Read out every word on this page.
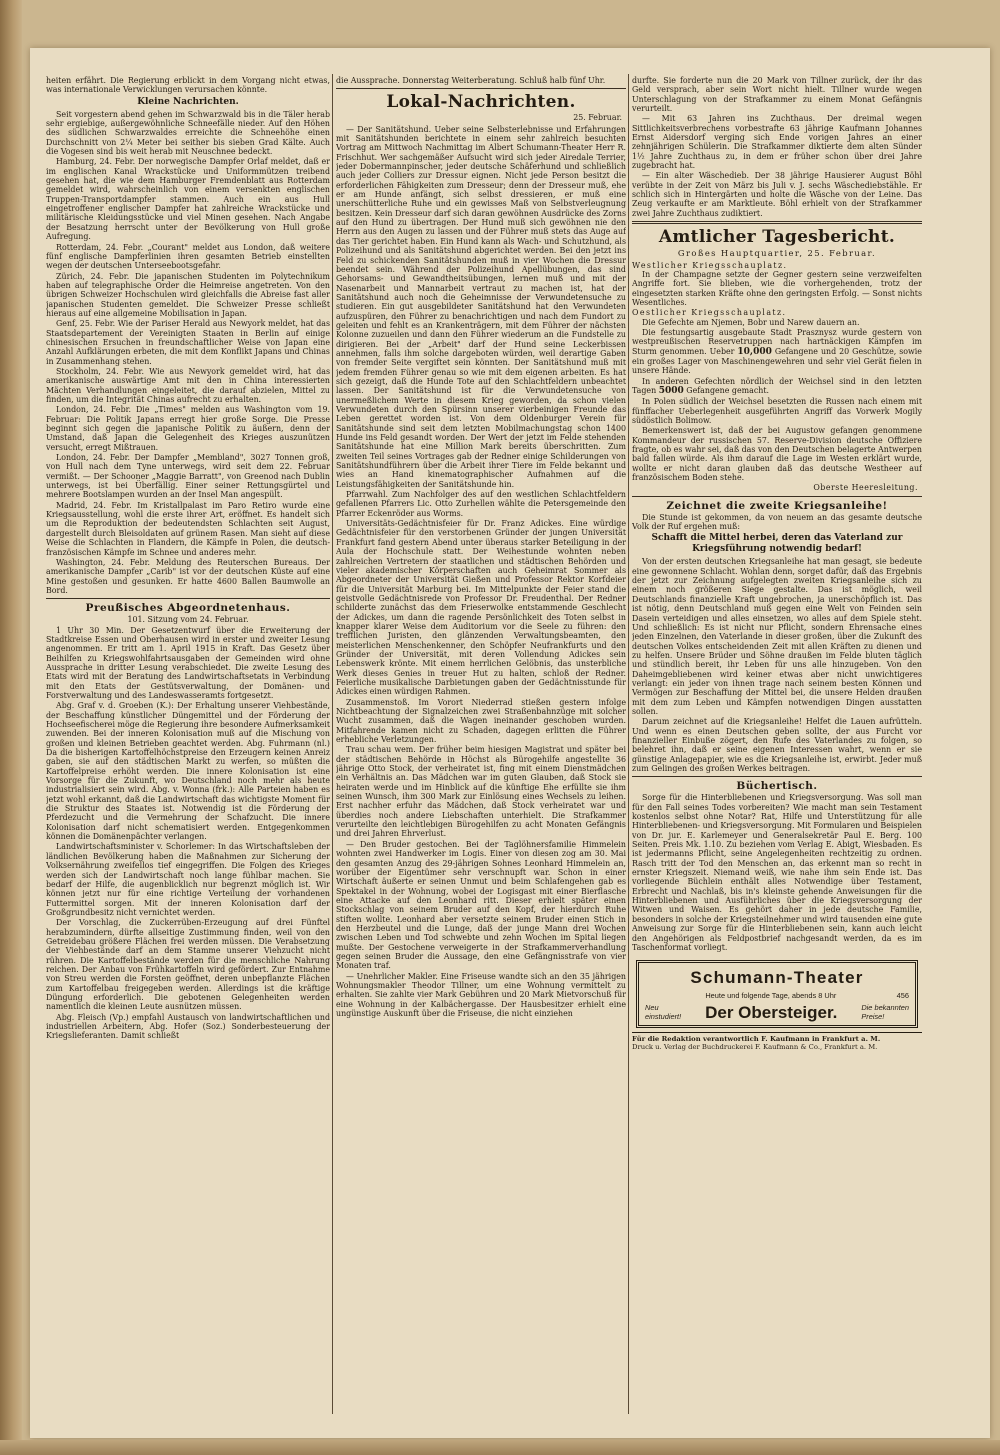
heiten erfährt. Die Regierung erblickt in dem Vorgang nicht etwas, was internationale Verwicklungen verursachen könnte.

Kleine Nachrichten.

Seit vorgestern abend gehen im Schwarzwald bis in die Täler herab sehr ergiebige, außergewöhnliche Schneefälle nieder. Auf den Höhen des südlichen Schwarzwaldes erreichte die Schneehöhe einen Durchschnitt von 2¼ Meter bei seither bis sieben Grad Kälte. Auch die Vogesen sind bis weit herab mit Neuschnee bedeckt.

Hamburg, 24. Febr. Der norwegische Dampfer Orlaf meldet, daß er im englischen Kanal Wrackstücke und Uniformmützen treibend gesehen hat, die wie dem Hamburger Fremdenblatt aus Rotterdam gemeldet wird, wahrscheinlich von einem versenkten englischen Truppen-Transportdampfer stammen. Auch ein aus Hull eingetroffener englischer Dampfer hat zahlreiche Wrackstücke und militärische Kleidungsstücke und viel Minen gesehen. Nach Angabe der Besatzung herrscht unter der Bevölkerung von Hull große Aufregung.

Rotterdam, 24. Febr. „Courant" meldet aus London, daß weitere fünf englische Dampferlinien ihren gesamten Betrieb einstellten wegen der deutschen Unterseebootsgefahr.

Zürich, 24. Febr. Die japanischen Studenten im Polytechnikum haben auf telegraphische Order die Heimreise angetreten. Von den übrigen Schweizer Hochschulen wird gleichfalls die Abreise fast aller japanischen Studenten gemeldet. Die Schweizer Presse schließt hieraus auf eine allgemeine Mobilisation in Japan.

Genf, 25. Febr. Wie der Pariser Herald aus Newyork meldet, hat das Staatsdepartement der Vereinigten Staaten in Berlin auf einige chinesischen Ersuchen in freundschaftlicher Weise von Japan eine Anzahl Aufklärungen erbeten, die mit dem Konflikt Japans und Chinas in Zusammenhang stehen.

Stockholm, 24. Febr. Wie aus Newyork gemeldet wird, hat das amerikanische auswärtige Amt mit den in China interessierten Mächten Verhandlungen eingeleitet, die darauf abzielen, Mittel zu finden, um die Integrität Chinas aufrecht zu erhalten.

London, 24. Febr. Die „Times" melden aus Washington vom 19. Februar: Die Politik Japans erregt hier große Sorge. Die Presse beginnt sich gegen die japanische Politik zu äußern, denn der Umstand, daß Japan die Gelegenheit des Krieges auszunützen versucht, erregt Mißtrauen.

London, 24. Febr. Der Dampfer „Membland", 3027 Tonnen groß, von Hull nach dem Tyne unterwegs, wird seit dem 22. Februar vermißt. — Der Schooner „Maggie Barratt", von Greenod nach Dublin unterwegs, ist bei Überfällig. Einer seiner Rettungsgürtel und mehrere Bootslampen wurden an der Insel Man angespült.

Madrid, 24. Febr. Im Kristallpalast im Paro Retiro wurde eine Kriegsausstellung, wohl die erste ihrer Art, eröffnet. Es handelt sich um die Reproduktion der bedeutendsten Schlachten seit August, dargestellt durch Bleisoldaten auf grünem Rasen. Man sieht auf diese Weise die Schlachten in Flandern, die Kämpfe in Polen, die deutsch-französischen Kämpfe im Schnee und anderes mehr.

Washington, 24. Febr. Meldung des Reuterschen Bureaus. Der amerikanische Dampfer „Carib" ist vor der deutschen Küste auf eine Mine gestoßen und gesunken. Er hatte 4600 Ballen Baumwolle an Bord.

Preußisches Abgeordnetenhaus.

101. Sitzung vom 24. Februar.

1 Uhr 30 Min. Der Gesetzentwurf über die Erweiterung der Stadtkreise Essen und Oberhausen wird in erster und zweiter Lesung angenommen. Er tritt am 1. April 1915 in Kraft. Das Gesetz über Beihilfen zu Kriegswohlfahrtsausgaben der Gemeinden wird ohne Aussprache in dritter Lesung verabschiedet. Die zweite Lesung des Etats wird mit der Beratung des Landwirtschaftsetats in Verbindung mit den Etats der Gestütsverwaltung, der Domänen- und Forstverwaltung und des Landeswasseramts fortgesetzt.

Abg. Graf v. d. Groeben (K.): Der Erhaltung unserer Viehbestände, der Beschaffung künstlicher Düngemittel und der Förderung der Hochseefischerei möge die Regierung ihre besondere Aufmerksamkeit zuwenden. Bei der inneren Kolonisation muß auf die Mischung von großen und kleinen Betrieben geachtet werden. Abg. Fuhrmann (nl.) Da die bisherigen Kartoffelhöchstpreise den Erzeugern keinen Anreiz gaben, sie auf den städtischen Markt zu werfen, so müßten die Kartoffelpreise erhöht werden. Die innere Kolonisation ist eine Vorsorge für die Zukunft, wo Deutschland noch mehr als heute industrialisiert sein wird. Abg. v. Wonna (frk.): Alle Parteien haben es jetzt wohl erkannt, daß die Landwirtschaft das wichtigste Moment für die Struktur des Staates ist. Notwendig ist die Förderung der Pferdezucht und die Vermehrung der Schafzucht. Die innere Kolonisation darf nicht schematisiert werden. Entgegenkommen können die Domänenpächter verlangen.

Landwirtschaftsminister v. Schorlemer: In das Wirtschaftsleben der ländlichen Bevölkerung haben die Maßnahmen zur Sicherung der Volksernährung zweifellos tief eingegriffen. Die Folgen des Krieges werden sich der Landwirtschaft noch lange fühlbar machen. Sie bedarf der Hilfe, die augenblicklich nur begrenzt möglich ist. Wir können jetzt nur für eine richtige Verteilung der vorhandenen Futtermittel sorgen. Mit der inneren Kolonisation darf der Großgrundbesitz nicht vernichtet werden.

Der Vorschlag, die Zuckerrüben-Erzeugung auf drei Fünftel herabzumindern, dürfte allseitige Zustimmung finden, weil von den Getreidebau größere Flächen frei werden müssen. Die Verabsetzung der Viehbestände darf an dem Stamme unserer Viehzucht nicht rühren. Die Kartoffelbestände werden für die menschliche Nahrung reichen. Der Anbau von Frühkartoffeln wird gefördert. Zur Entnahme von Streu werden die Forsten geöffnet, deren unbepflanzte Flächen zum Kartoffelbau freigegeben werden. Allerdings ist die kräftige Düngung erforderlich. Die gebotenen Gelegenheiten werden namentlich die kleinen Leute ausnützen müssen.

Abg. Fleisch (Vp.) empfahl Austausch von landwirtschaftlichen und industriellen Arbeitern, Abg. Hofer (Soz.) Sonderbesteuerung der Kriegslieferanten. Damit schließt

die Aussprache. Donnerstag Weiterberatung. Schluß halb fünf Uhr.

Lokal-Nachrichten.
25. Februar.

— Der Sanitätshund. Ueber seine Selbsterlebnisse und Erfahrungen mit Sanitätshunden berichtete in einem sehr zahlreich besuchten Vortrag am Mittwoch Nachmittag im Albert Schumann-Theater Herr R. Frischhut. Wer sachgemäßer Aufsucht wird sich jeder Airedale Terrier, jeder Dobermannpinscher, jeder deutsche Schäferhund und schließlich auch jeder Colliers zur Dressur eignen. Nicht jede Person besitzt die erforderlichen Fähigkeiten zum Dresseur; denn der Dresseur muß, ehe er am Hunde anfängt, sich selbst dressieren, er muß eine unerschütterliche Ruhe und ein gewisses Maß von Selbstverleugnung besitzen. Kein Dresseur darf sich daran gewöhnen Ausdrücke des Zorns auf den Hund zu übertragen. Der Hund muß sich gewöhnen nie den Herrn aus den Augen zu lassen und der Führer muß stets das Auge auf das Tier gerichtet haben. Ein Hund kann als Wach- und Schutzhund, als Polizeihund und als Sanitätshund abgerichtet werden. Bei den jetzt ins Feld zu schickenden Sanitätshunden muß in vier Wochen die Dressur beendet sein. Während der Polizeihund Apellübungen, das sind Gehorsams- und Gewandtheitsübungen, lernen muß und mit der Nasenarbeit und Mannarbeit vertraut zu machen ist, hat der Sanitätshund auch noch die Geheimnisse der Verwundetensuche zu studieren. Ein gut ausgebildeter Sanitätshund hat den Verwundeten aufzuspüren, den Führer zu benachrichtigen und nach dem Fundort zu geleiten und fehlt es an Krankenträgern, mit dem Führer der nächsten Kolonne zuzueilen und dann den Führer wiederum an die Fundstelle zu dirigieren. Bei der „Arbeit" darf der Hund seine Leckerbissen annehmen, falls ihm solche dargeboten würden, weil derartige Gaben von fremder Seite vergiftet sein könnten. Der Sanitätshund muß mit jedem fremden Führer genau so wie mit dem eigenen arbeiten. Es hat sich gezeigt, daß die Hunde Tote auf den Schlachtfeldern unbeachtet lassen. Der Sanitätshund ist für die Verwundetensuche von unermeßlichem Werte in diesem Krieg geworden, da schon vielen Verwundeten durch den Spürsinn unserer vierbeinigen Freunde das Leben gerettet worden ist. Von dem Oldenburger Verein für Sanitätshunde sind seit dem letzten Mobilmachungstag schon 1400 Hunde ins Feld gesandt worden. Der Wert der jetzt im Felde stehenden Sanitätshunde hat eine Million Mark bereits überschritten. Zum zweiten Teil seines Vortrages gab der Redner einige Schilderungen von Sanitätshundführern über die Arbeit ihrer Tiere im Felde bekannt und wies an Hand kinematographischer Aufnahmen auf die Leistungsfähigkeiten der Sanitätshunde hin.

Pfarrwahl. Zum Nachfolger des auf den westlichen Schlachtfeldern gefallenen Pfarrers Lic. Otto Zurhellen wählte die Petersgemeinde den Pfarrer Eckenröder aus Worms.

Universitäts-Gedächtnisfeier für Dr. Franz Adickes. Eine würdige Gedächtnisfeier für den verstorbenen Gründer der jungen Universität Frankfurt fand gestern Abend unter überaus starker Beteiligung in der Aula der Hochschule statt. Der Weihestunde wohnten neben zahlreichen Vertretern der staatlichen und städtischen Behörden und vieler akademischer Körperschaften auch Geheimrat Sommer als Abgeordneter der Universität Gießen und Professor Rektor Korfdeier für die Universität Marburg bei. Im Mittelpunkte der Feier stand die geistvolle Gedächtnisrede von Professor Dr. Freudenthal. Der Redner schilderte zunächst das dem Frieserwolke entstammende Geschlecht der Adickes, um dann die ragende Persönlichkeit des Toten selbst in knapper klarer Weise dem Auditorium vor die Seele zu führen: den trefflichen Juristen, den glänzenden Verwaltungsbeamten, den meisterlichen Menschenkenner, den Schöpfer Neufrankfurts und den Gründer der Universität, mit deren Vollendung Adickes sein Lebenswerk krönte. Mit einem herrlichen Gelöbnis, das unsterbliche Werk dieses Genies in treuer Hut zu halten, schloß der Redner. Feierliche musikalische Darbietungen gaben der Gedächtnisstunde für Adickes einen würdigen Rahmen.

Zusammenstoß. Im Vorort Niederrad stießen gestern infolge Nichtbeachtung der Signalzeichen zwei Straßenbahnzüge mit solcher Wucht zusammen, daß die Wagen ineinander geschoben wurden. Mitfahrende kamen nicht zu Schaden, dagegen erlitten die Führer erhebliche Verletzungen.

Trau schau wem. Der früher beim hiesigen Magistrat und später bei der städtischen Behörde in Höchst als Bürogehilfe angestellte 36 jährige Otto Stock, der verheiratet ist, fing mit einem Dienstmädchen ein Verhältnis an. Das Mädchen war im guten Glauben, daß Stock sie heiraten werde und im Hinblick auf die künftige Ehe erfüllte sie ihm seinen Wunsch, ihm 300 Mark zur Einlösung eines Wechsels zu leihen. Erst nachher erfuhr das Mädchen, daß Stock verheiratet war und überdies noch andere Liebschaften unterhielt. Die Strafkammer verurteilte den leichtlebigen Bürogehilfen zu acht Monaten Gefängnis und drei Jahren Ehrverlust.

— Den Bruder gestochen. Bei der Taglöhnersfamilie Himmelein wohnten zwei Handwerker im Logis. Einer von diesen zog am 30. Mai den gesamten Anzug des 29-jährigen Sohnes Leonhard Himmelein an, worüber der Eigentümer sehr verschnupft war. Schon in einer Wirtschaft äußerte er seinen Unmut und beim Schlafengehen gab es Spektakel in der Wohnung, wobei der Logisgast mit einer Bierflasche eine Attacke auf den Leonhard ritt. Dieser erhielt später einen Stockschlag von seinem Bruder auf den Kopf, der hierdurch Ruhe stiften wollte. Leonhard aber versetzte seinem Bruder einen Stich in den Herzbeutel und die Lunge, daß der junge Mann drei Wochen zwischen Leben und Tod schwebte und zehn Wochen im Spital liegen mußte. Der Gestochene verweigerte in der Strafkammerverhandlung gegen seinen Bruder die Aussage, den eine Gefängnisstrafe von vier Monaten traf.

— Unehrlicher Makler. Eine Friseuse wandte sich an den 35 jährigen Wohnungsmakler Theodor Tillner, um eine Wohnung vermittelt zu erhalten. Sie zahlte vier Mark Gebühren und 20 Mark Mietvorschuß für eine Wohnung in der Kalbächergasse. Der Hausbesitzer erhielt eine ungünstige Auskunft über die Friseuse, die nicht einziehen

durfte. Sie forderte nun die 20 Mark von Tillner zurück, der ihr das Geld versprach, aber sein Wort nicht hielt. Tillner wurde wegen Unterschlagung von der Strafkammer zu einem Monat Gefängnis verurteilt.

— Mit 63 Jahren ins Zuchthaus. Der dreimal wegen Sittlichkeitsverbrechens vorbestrafte 63 jährige Kaufmann Johannes Ernst Aidersdorf verging sich Ende vorigen Jahres an einer zehnjährigen Schülerin. Die Strafkammer diktierte dem alten Sünder 1½ Jahre Zuchthaus zu, in dem er früher schon über drei Jahre zugebracht hat.

— Ein alter Wäschedieb. Der 38 jährige Hausierer August Böhl verübte in der Zeit von März bis Juli v. J. sechs Wäschediebstähle. Er schlich sich in Hintergärten und holte die Wäsche von der Leine. Das Zeug verkaufte er am Marktleute. Böhl erhielt von der Strafkammer zwei Jahre Zuchthaus zudiktiert.

Amtlicher Tagesbericht.
Großes Hauptquartier, 25. Februar.
Westlicher Kriegsschauplatz.

In der Champagne setzte der Gegner gestern seine verzweifelten Angriffe fort. Sie blieben, wie die vorhergehenden, trotz der eingesetzten starken Kräfte ohne den geringsten Erfolg. — Sonst nichts Wesentliches.

Oestlicher Kriegsschauplatz.

Die Gefechte am Njemen, Bobr und Narew dauern an.

Die festungsartig ausgebaute Stadt Prasznysz wurde gestern von westpreußischen Reservetruppen nach hartnäckigen Kämpfen im Sturm genommen. Ueber 10,000 Gefangene und 20 Geschütze, sowie ein großes Lager von Maschinengewehren und sehr viel Gerät fielen in unsere Hände.

In anderen Gefechten nördlich der Weichsel sind in den letzten Tagen 5000 Gefangene gemacht.

In Polen südlich der Weichsel besetzten die Russen nach einem mit fünffacher Ueberlegenheit ausgeführten Angriff das Vorwerk Mogily südöstlich Bolimow.

Bemerkenswert ist, daß der bei Augustow gefangen genommene Kommandeur der russischen 57. Reserve-Division deutsche Offiziere fragte, ob es wahr sei, daß das von den Deutschen belagerte Antwerpen bald fallen würde. Als ihm darauf die Lage im Westen erklärt wurde, wollte er nicht daran glauben daß das deutsche Westheer auf französischem Boden stehe.

Oberste Heeresleitung.
Zeichnet die zweite Kriegsanleihe!

Die Stunde ist gekommen, da von neuem an das gesamte deutsche Volk der Ruf ergehen muß:

Schafft die Mittel herbei, deren das Vaterland zur Kriegsführung notwendig bedarf!

Von der ersten deutschen Kriegsanleihe hat man gesagt, sie bedeute eine gewonnene Schlacht. Wohlan denn, sorget dafür, daß das Ergebnis der jetzt zur Zeichnung aufgelegten zweiten Kriegsanleihe sich zu einem noch größeren Siege gestalte. Das ist möglich, weil Deutschlands finanzielle Kraft ungebrochen, ja unerschöpflich ist. Das ist nötig, denn Deutschland muß gegen eine Welt von Feinden sein Dasein verteidigen und alles einsetzen, wo alles auf dem Spiele steht. Und schließlich: Es ist nicht nur Pflicht, sondern Ehrensache eines jeden Einzelnen, den Vaterlande in dieser großen, über die Zukunft des deutschen Volkes entscheidenden Zeit mit allen Kräften zu dienen und zu helfen. Unsere Brüder und Söhne draußen im Felde bluten täglich und stündlich bereit, ihr Leben für uns alle hinzugeben. Von den Daheimgebliebenen wird keiner etwas aber nicht unwichtigeres verlangt: ein jeder von ihnen trage nach seinem besten Können und Vermögen zur Beschaffung der Mittel bei, die unsere Helden draußen mit dem zum Leben und Kämpfen notwendigen Dingen ausstatten sollen.

Darum zeichnet auf die Kriegsanleihe! Helfet die Lauen aufrütteln. Und wenn es einen Deutschen geben sollte, der aus Furcht vor finanzieller Einbuße zögert, den Rufe des Vaterlandes zu folgen, so belehret ihn, daß er seine eigenen Interessen wahrt, wenn er sie günstige Anlagepapier, wie es die Kriegsanleihe ist, erwirbt. Jeder muß zum Gelingen des großen Werkes beitragen.

Büchertisch.

Sorge für die Hinterbliebenen und Kriegsversorgung. Was soll man für den Fall seines Todes vorbereiten? Wie macht man sein Testament kostenlos selbst ohne Notar? Rat, Hilfe und Unterstützung für alle Hinterbliebenen- und Kriegsversorgung. Mit Formularen und Beispielen von Dr. jur. E. Karlemeyer und Generalsekretär Paul E. Berg. 100 Seiten. Preis Mk. 1.10. Zu beziehen vom Verlag E. Abigt, Wiesbaden. Es ist jedermanns Pflicht, seine Angelegenheiten rechtzeitig zu ordnen. Rasch tritt der Tod den Menschen an, das erkennt man so recht in ernster Kriegszeit. Niemand weiß, wie nahe ihm sein Ende ist. Das vorliegende Büchlein enthält alles Notwendige über Testament, Erbrecht und Nachlaß, bis in's kleinste gehende Anweisungen für die Hinterbliebenen und Ausführliches über die Kriegsversorgung der Witwen und Waisen. Es gehört daher in jede deutsche Familie, besonders in solche der Kriegsteilnehmer und wird tausenden eine gute Anweisung zur Sorge für die Hinterbliebenen sein, kann auch leicht den Angehörigen als Feldpostbrief nachgesandt werden, da es im Taschenformat vorliegt.

Schumann-Theater
Heute und folgende Tage, abends 8 Uhr	456
Neu
einstudiert! Der Obersteiger.	Die bekannten
Preise!
Für die Redaktion verantwortlich F. Kaufmann in Frankfurt a. M.
Druck u. Verlag der Buchdruckerei F. Kaufmann & Co., Frankfurt a. M.
